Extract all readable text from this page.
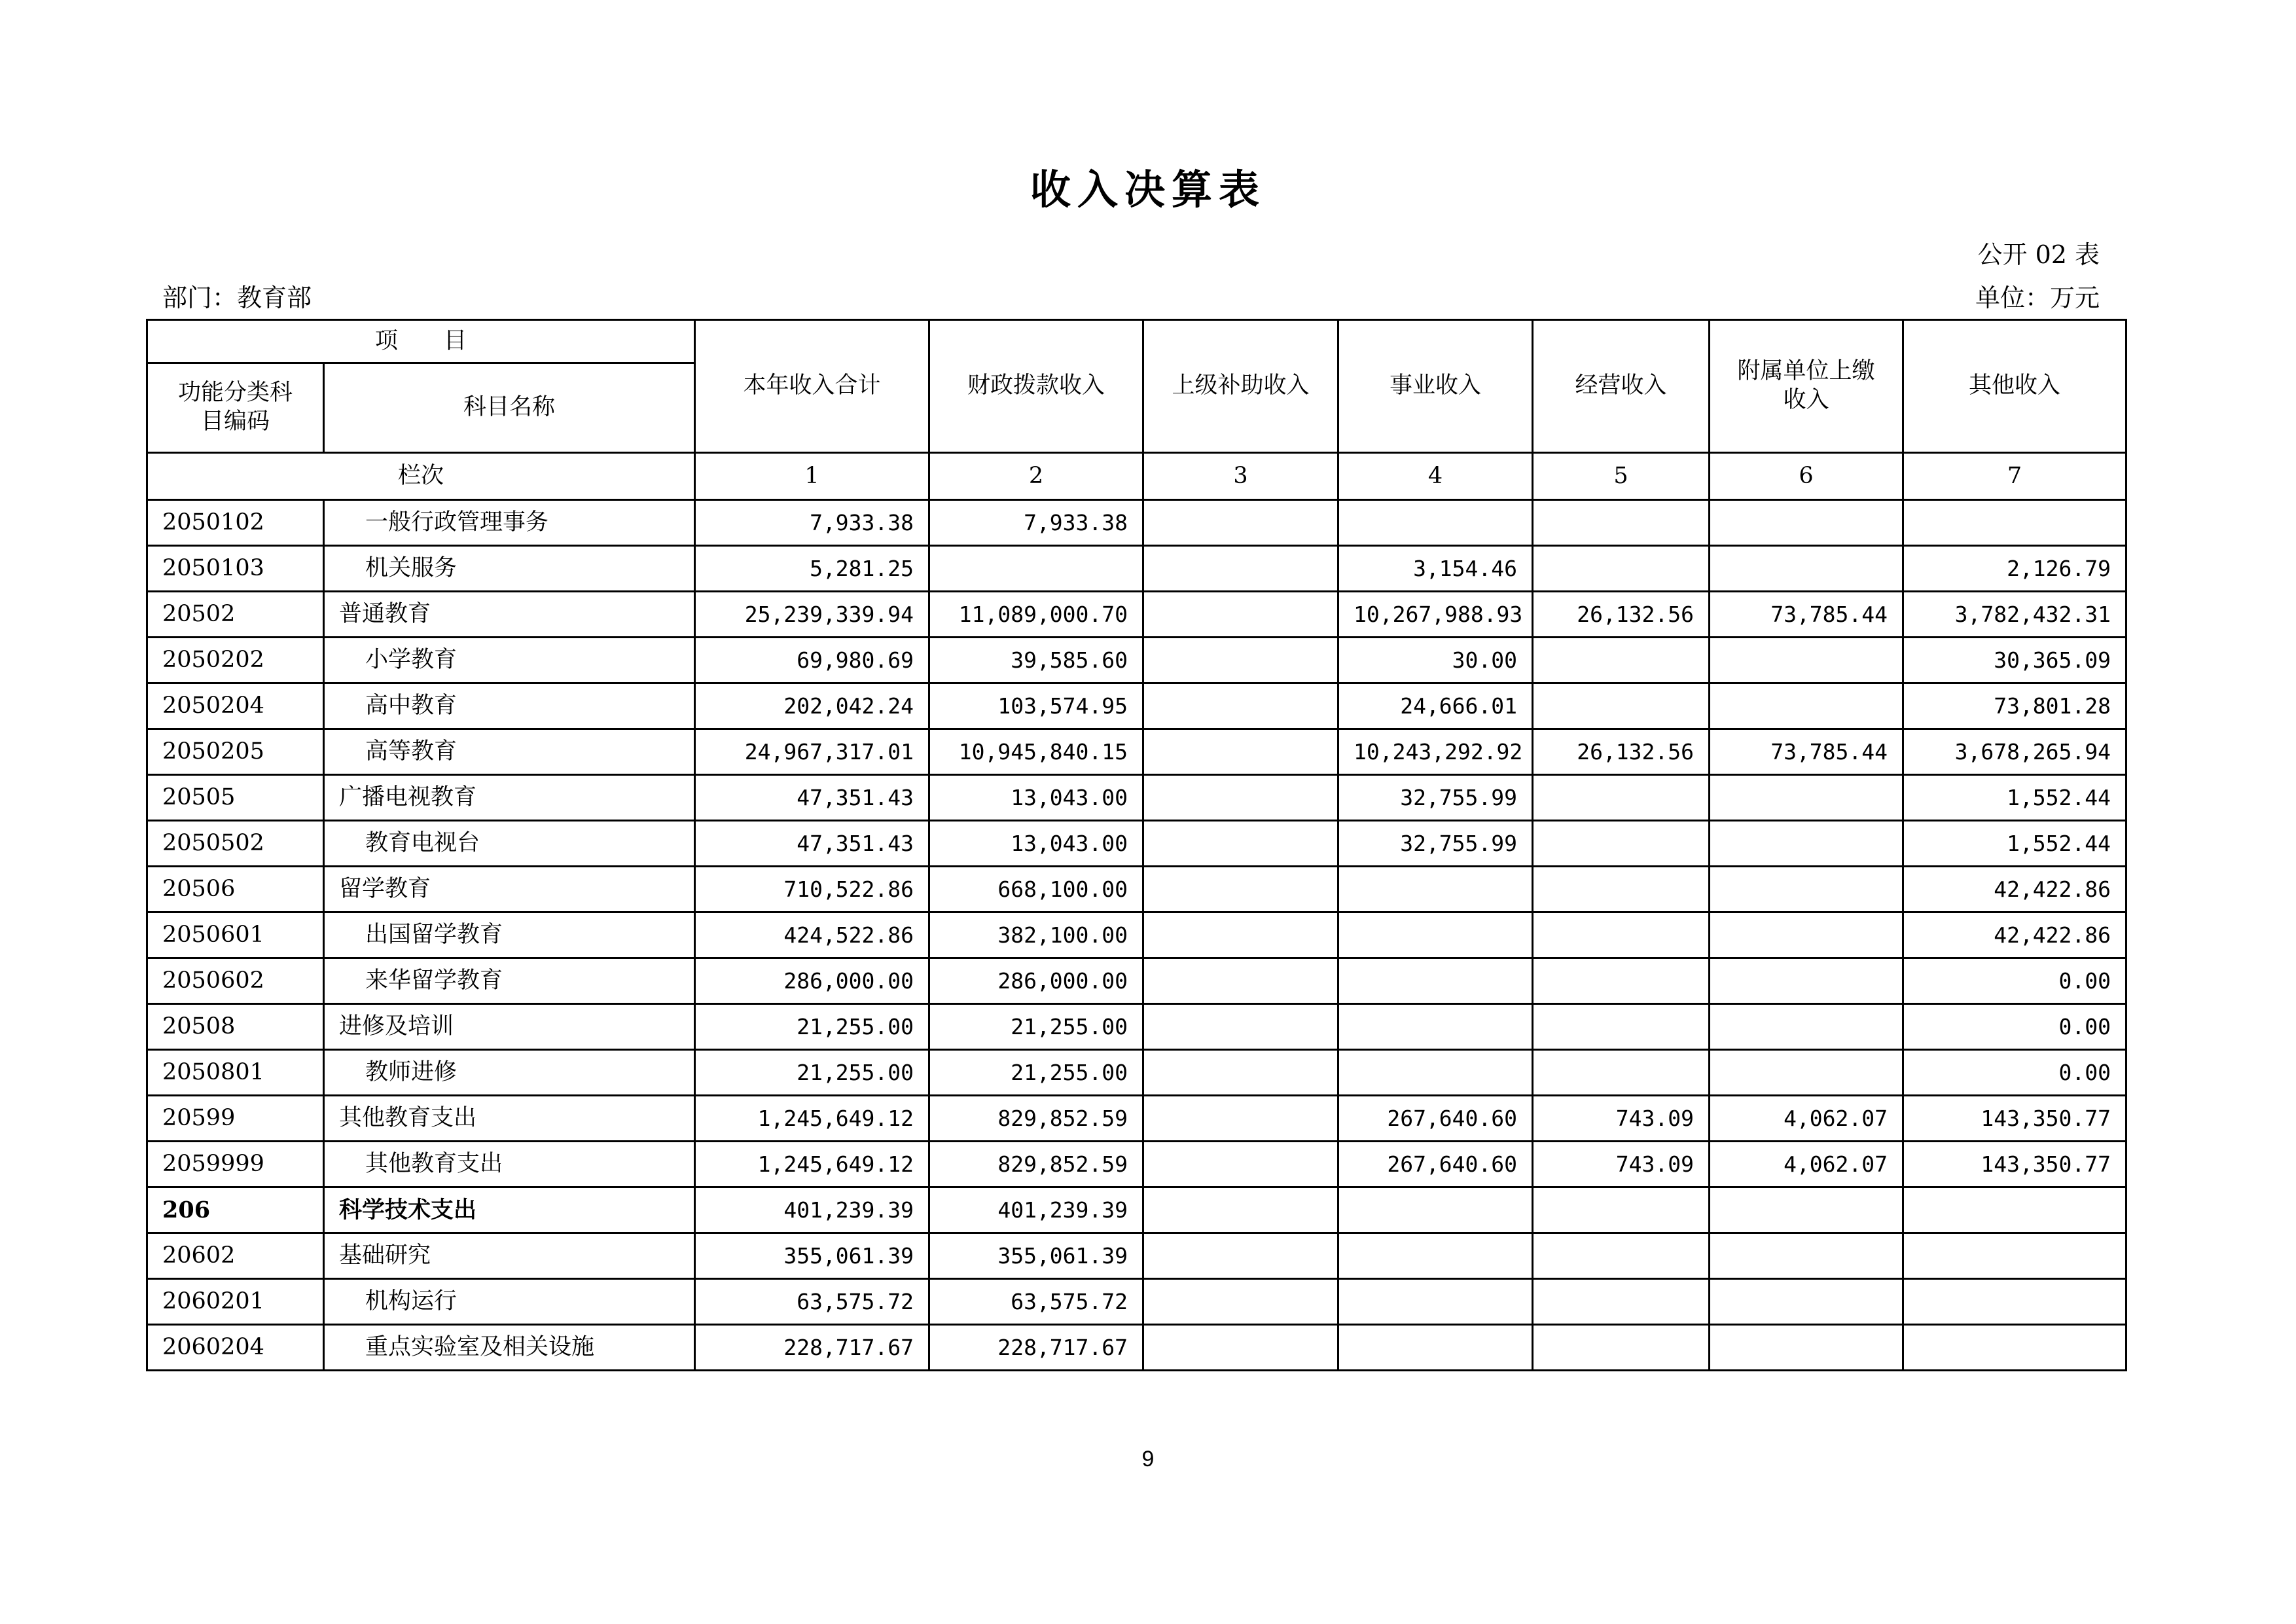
收入决算表
公开 02 表
部门：教育部	单位：万元
项　　目		本年收入合计	财政拨款收入	上级补助收入	事业收入	经营收入	附属单位上缴收入	其他收入
功能分类科目编码	科目名称							
栏次		1	2	3	4	5	6	7
2050102	一般行政管理事务	7,933.38	7,933.38					
2050103	机关服务	5,281.25			3,154.46			2,126.79
20502	普通教育	25,239,339.94	11,089,000.70		10,267,988.93	26,132.56	73,785.44	3,782,432.31
2050202	小学教育	69,980.69	39,585.60		30.00			30,365.09
2050204	高中教育	202,042.24	103,574.95		24,666.01			73,801.28
2050205	高等教育	24,967,317.01	10,945,840.15		10,243,292.92	26,132.56	73,785.44	3,678,265.94
20505	广播电视教育	47,351.43	13,043.00		32,755.99			1,552.44
2050502	教育电视台	47,351.43	13,043.00		32,755.99			1,552.44
20506	留学教育	710,522.86	668,100.00					42,422.86
2050601	出国留学教育	424,522.86	382,100.00					42,422.86
2050602	来华留学教育	286,000.00	286,000.00					0.00
20508	进修及培训	21,255.00	21,255.00					0.00
2050801	教师进修	21,255.00	21,255.00					0.00
20599	其他教育支出	1,245,649.12	829,852.59		267,640.60	743.09	4,062.07	143,350.77
2059999	其他教育支出	1,245,649.12	829,852.59		267,640.60	743.09	4,062.07	143,350.77
206	科学技术支出	401,239.39	401,239.39					
20602	基础研究	355,061.39	355,061.39					
2060201	机构运行	63,575.72	63,575.72					
2060204	重点实验室及相关设施	228,717.67	228,717.67					
9
